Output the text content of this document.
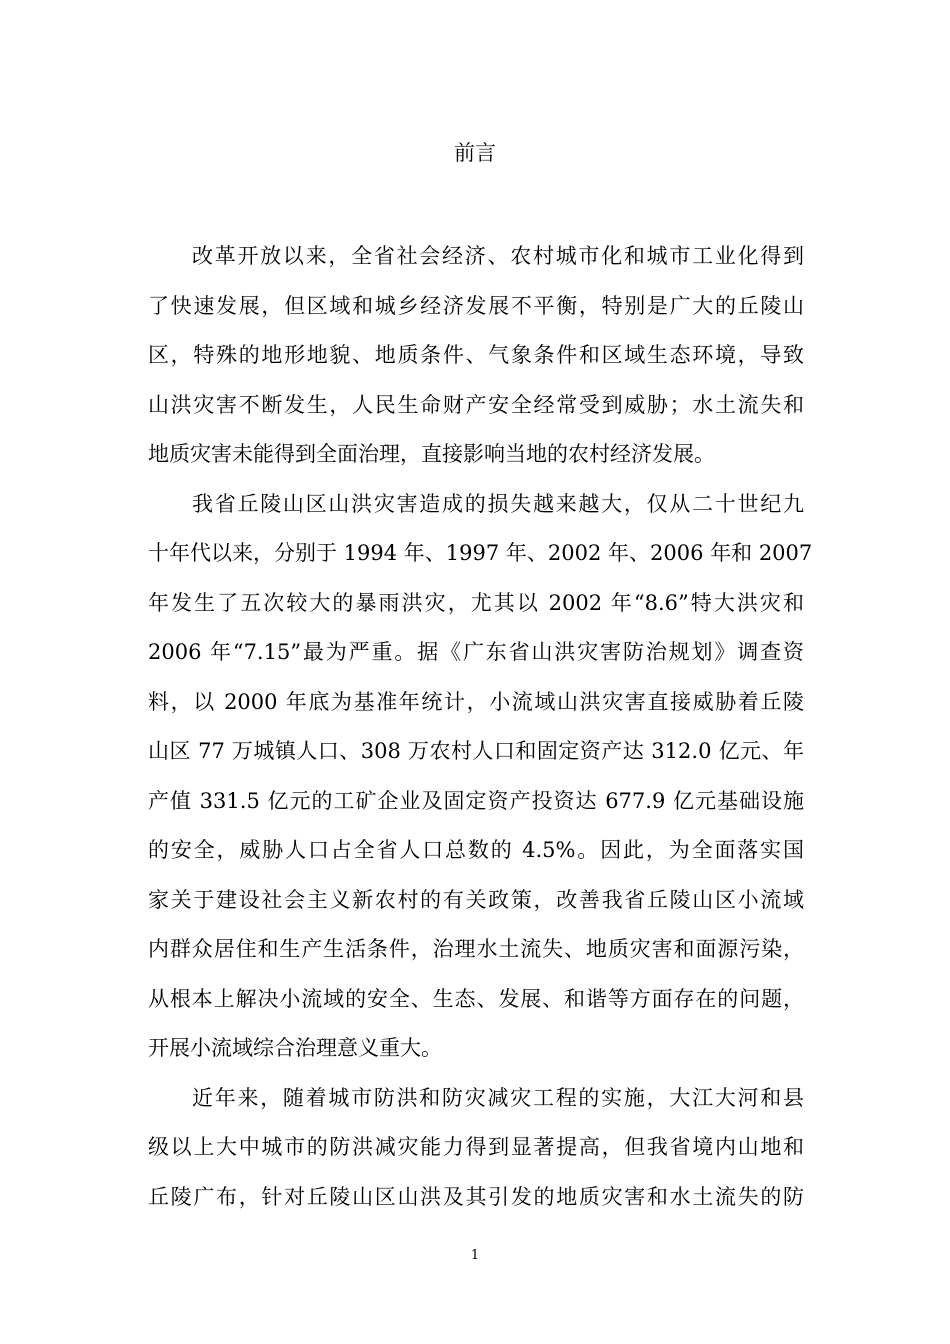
前言
改革开放以来，全省社会经济、农村城市化和城市工业化得到
了快速发展，但区域和城乡经济发展不平衡，特别是广大的丘陵山
区，特殊的地形地貌、地质条件、气象条件和区域生态环境，导致
山洪灾害不断发生，人民生命财产安全经常受到威胁；水土流失和
地质灾害未能得到全面治理，直接影响当地的农村经济发展。
我省丘陵山区山洪灾害造成的损失越来越大，仅从二十世纪九
十年代以来，分别于 1994 年、1997 年、2002 年、2006 年和 2007
年发生了五次较大的暴雨洪灾，尤其以 2002 年“8.6”特大洪灾和
2006 年“7.15”最为严重。据《广东省山洪灾害防治规划》调查资
料，以 2000 年底为基准年统计，小流域山洪灾害直接威胁着丘陵
山区 77 万城镇人口、308 万农村人口和固定资产达 312.0 亿元、年
产值 331.5 亿元的工矿企业及固定资产投资达 677.9 亿元基础设施
的安全，威胁人口占全省人口总数的 4.5%。因此，为全面落实国
家关于建设社会主义新农村的有关政策，改善我省丘陵山区小流域
内群众居住和生产生活条件，治理水土流失、地质灾害和面源污染，
从根本上解决小流域的安全、生态、发展、和谐等方面存在的问题，
开展小流域综合治理意义重大。
近年来，随着城市防洪和防灾减灾工程的实施，大江大河和县
级以上大中城市的防洪减灾能力得到显著提高，但我省境内山地和
丘陵广布，针对丘陵山区山洪及其引发的地质灾害和水土流失的防
1
